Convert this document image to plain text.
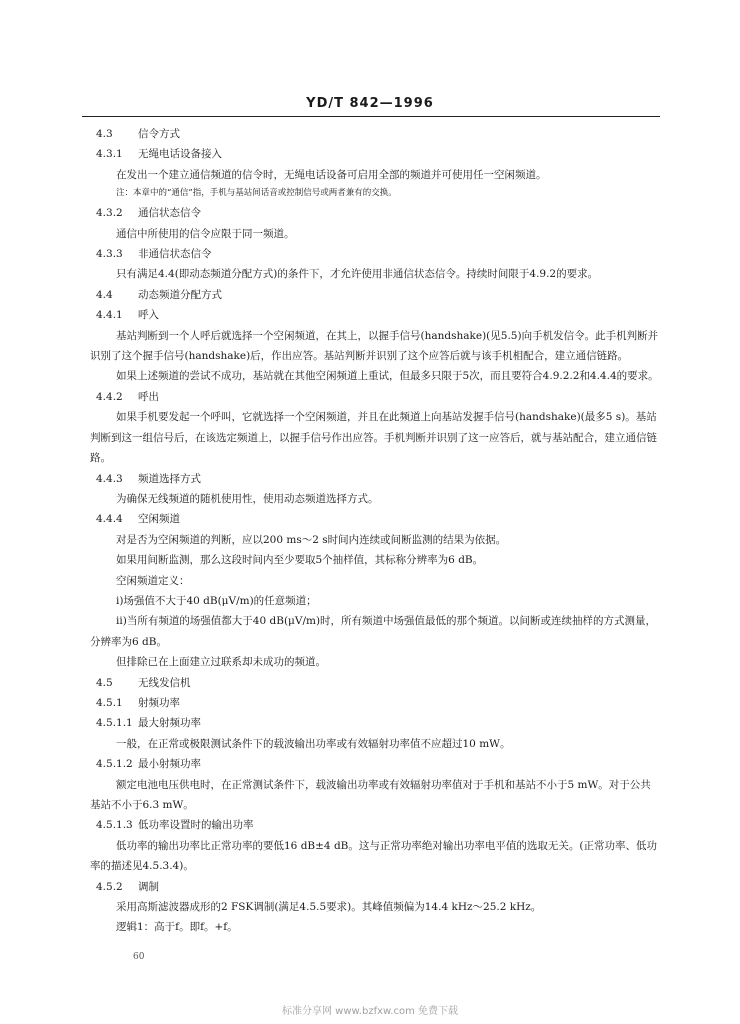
YD/T 842—1996

4.3 信令方式

4.3.1 无绳电话设备接入

在发出一个建立通信频道的信令时，无绳电话设备可启用全部的频道并可使用任一空闲频道。

注：本章中的“通信”指，手机与基站间话音或控制信号或两者兼有的交换。

4.3.2 通信状态信令

通信中所使用的信令应限于同一频道。

4.3.3 非通信状态信令

只有满足4.4(即动态频道分配方式)的条件下，才允许使用非通信状态信令。持续时间限于4.9.2的要求。

4.4 动态频道分配方式

4.4.1 呼入

基站判断到一个人呼后就选择一个空闲频道，在其上，以握手信号(handshake)(见5.5)向手机发信令。此手机判断并识别了这个握手信号(handshake)后，作出应答。基站判断并识别了这个应答后就与该手机相配合，建立通信链路。

如果上述频道的尝试不成功，基站就在其他空闲频道上重试，但最多只限于5次，而且要符合4.9.2.2和4.4.4的要求。

4.4.2 呼出

如果手机要发起一个呼叫，它就选择一个空闲频道，并且在此频道上向基站发握手信号(handshake)(最多5 s)。基站判断到这一组信号后，在该选定频道上，以握手信号作出应答。手机判断并识别了这一应答后，就与基站配合，建立通信链路。

4.4.3 频道选择方式

为确保无线频道的随机使用性，使用动态频道选择方式。

4.4.4 空闲频道

对是否为空闲频道的判断，应以200 ms～2 s时间内连续或间断监测的结果为依据。

如果用间断监测，那么这段时间内至少要取5个抽样值，其标称分辨率为6 dB。

空闲频道定义：

i)场强值不大于40 dB(μV/m)的任意频道；

ii)当所有频道的场强值都大于40 dB(μV/m)时，所有频道中场强值最低的那个频道。以间断或连续抽样的方式测量，分辨率为6 dB。

但排除已在上面建立过联系却未成功的频道。

4.5 无线发信机

4.5.1 射频功率

4.5.1.1 最大射频功率

一般，在正常或极限测试条件下的载波输出功率或有效辐射功率值不应超过10 mW。

4.5.1.2 最小射频功率

额定电池电压供电时，在正常测试条件下，载波输出功率或有效辐射功率值对于手机和基站不小于5 mW。对于公共基站不小于6.3 mW。

4.5.1.3 低功率设置时的输出功率

低功率的输出功率比正常功率的要低16 dB±4 dB。这与正常功率绝对输出功率电平值的选取无关。(正常功率、低功率的描述见4.5.3.4)。

4.5.2 调制

采用高斯滤波器成形的2 FSK调制(满足4.5.5要求)。其峰值频偏为14.4 kHz～25.2 kHz。

逻辑1：高于f。即f。+f。

60
标准分享网 www.bzfxw.com 免费下载
